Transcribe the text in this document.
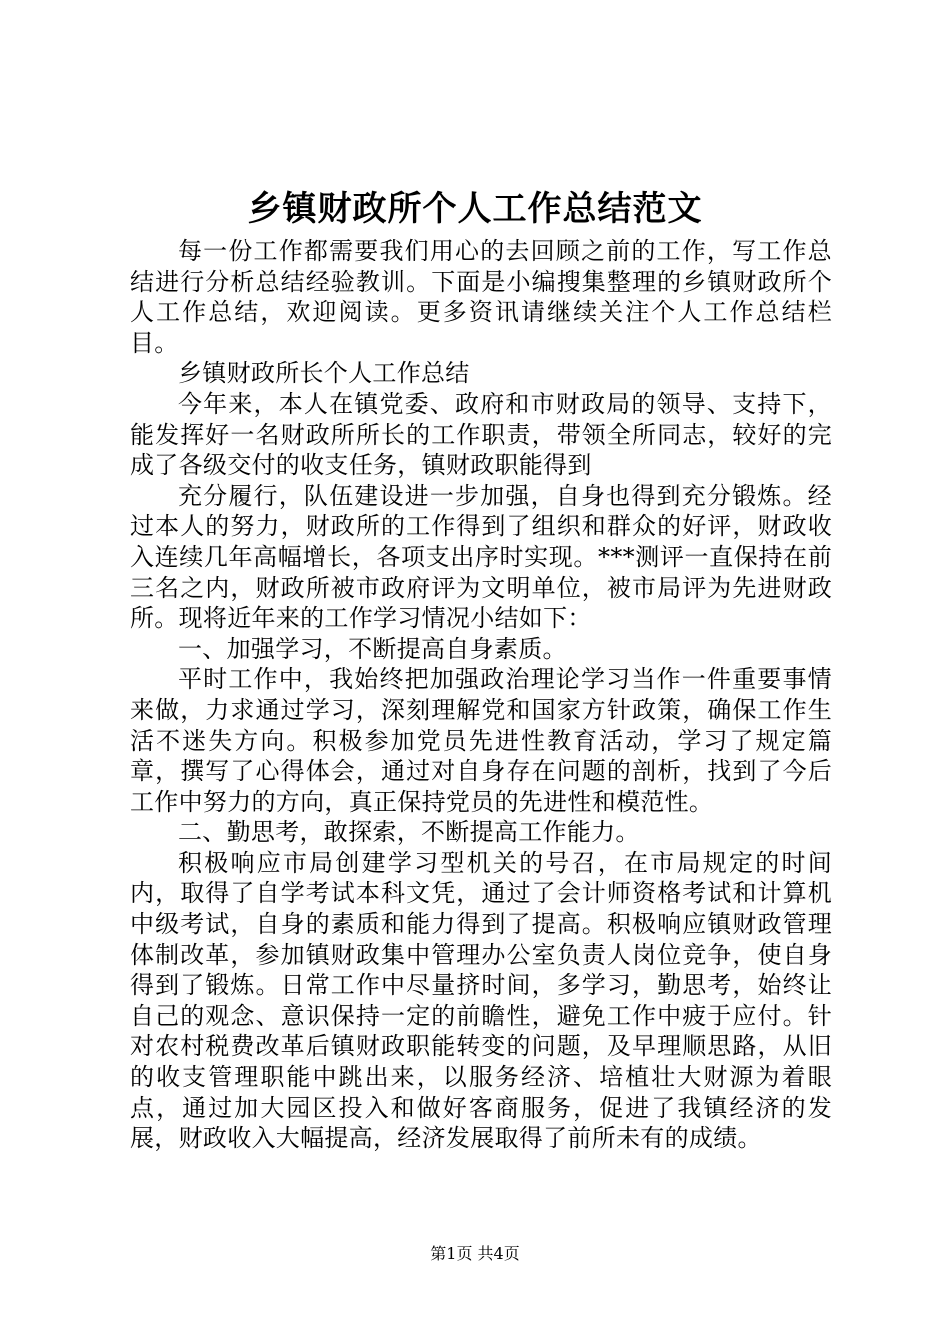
乡镇财政所个人工作总结范文

每一份工作都需要我们用心的去回顾之前的工作，写工作总结进行分析总结经验教训。下面是小编搜集整理的乡镇财政所个人工作总结，欢迎阅读。更多资讯请继续关注个人工作总结栏目。

乡镇财政所长个人工作总结

今年来，本人在镇党委、政府和市财政局的领导、支持下，能发挥好一名财政所所长的工作职责，带领全所同志，较好的完成了各级交付的收支任务，镇财政职能得到

充分履行，队伍建设进一步加强，自身也得到充分锻炼。经过本人的努力，财政所的工作得到了组织和群众的好评，财政收入连续几年高幅增长，各项支出序时实现。***测评一直保持在前三名之内，财政所被市政府评为文明单位，被市局评为先进财政所。现将近年来的工作学习情况小结如下：

一、加强学习，不断提高自身素质。

平时工作中，我始终把加强政治理论学习当作一件重要事情来做，力求通过学习，深刻理解党和国家方针政策，确保工作生活不迷失方向。积极参加党员先进性教育活动，学习了规定篇章，撰写了心得体会，通过对自身存在问题的剖析，找到了今后工作中努力的方向，真正保持党员的先进性和模范性。

二、勤思考，敢探索，不断提高工作能力。

积极响应市局创建学习型机关的号召，在市局规定的时间内，取得了自学考试本科文凭，通过了会计师资格考试和计算机中级考试，自身的素质和能力得到了提高。积极响应镇财政管理体制改革，参加镇财政集中管理办公室负责人岗位竞争，使自身得到了锻炼。日常工作中尽量挤时间，多学习，勤思考，始终让自己的观念、意识保持一定的前瞻性，避免工作中疲于应付。针对农村税费改革后镇财政职能转变的问题，及早理顺思路，从旧的收支管理职能中跳出来，以服务经济、培植壮大财源为着眼点，通过加大园区投入和做好客商服务，促进了我镇经济的发展，财政收入大幅提高，经济发展取得了前所未有的成绩。

第1页 共4页
